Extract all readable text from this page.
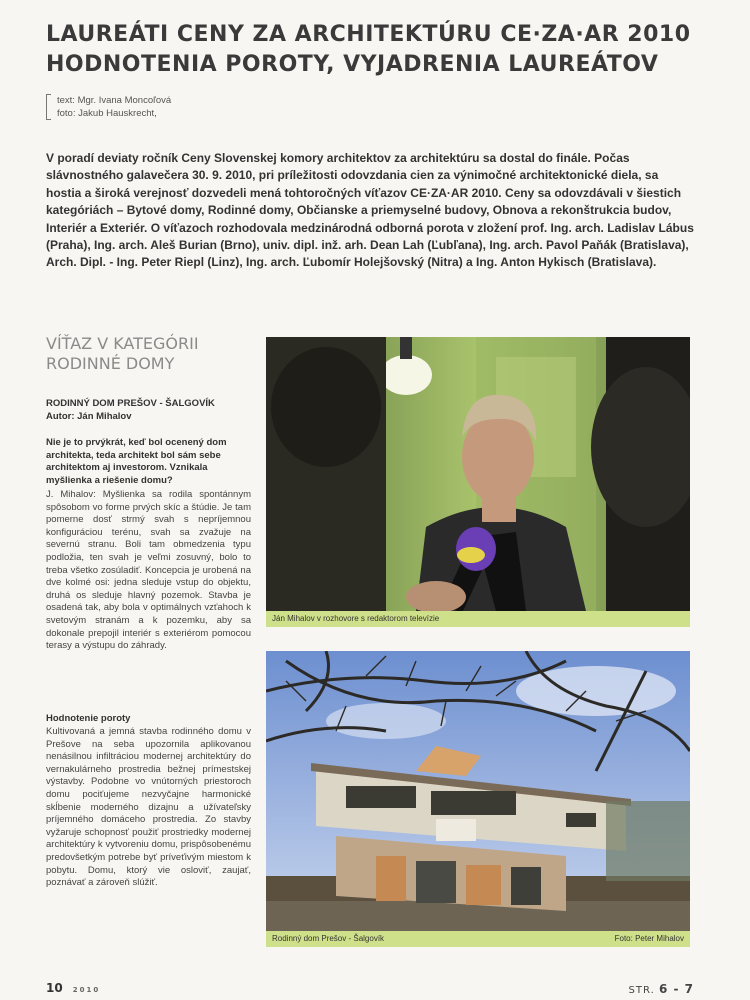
LAUREÁTI CENY ZA ARCHITEKTÚRU CE·ZA·AR 2010
HODNOTENIA POROTY, VYJADRENIA LAUREÁTOV
text: Mgr. Ivana Moncoľová
foto: Jakub Hauskrecht,

V poradí deviaty ročník Ceny Slovenskej komory architektov za architektúru sa dostal do finále. Počas slávnostného galavečera 30. 9. 2010, pri príležitosti odovzdania cien za výnimočné architektonické diela, sa hostia a široká verejnosť dozvedeli mená tohtoročných víťazov CE·ZA·AR 2010. Ceny sa odovzdávali v šiestich kategóriách – Bytové domy, Rodinné domy, Občianske a priemyselné budovy, Obnova a rekonštrukcia budov, Interiér a Exteriér. O víťazoch rozhodovala medzinárodná odborná porota v zložení prof. Ing. arch. Ladislav Lábus (Praha), Ing. arch. Aleš Burian (Brno), univ. dipl. inž. arh. Dean Lah (Ľubľana), Ing. arch. Pavol Paňák (Bratislava), Arch. Dipl. - Ing. Peter Riepl (Linz), Ing. arch. Ľubomír Holejšovský (Nitra) a Ing. Anton Hykisch (Bratislava).

VÍŤAZ V KATEGÓRII
RODINNÉ DOMY
RODINNÝ DOM PREŠOV - ŠALGOVÍK
Autor: Ján Mihalov

Nie je to prvýkrát, keď bol ocenený dom architekta, teda architekt bol sám sebe architektom aj investorom. Vznikala myšlienka a riešenie domu?

J. Mihalov: Myšlienka sa rodila spontánnym spôsobom vo forme prvých skíc a štúdie. Je tam pomerne dosť strmý svah s nepríjemnou konfiguráciou terénu, svah sa zvažuje na severnú stranu. Boli tam obmedzenia typu podložia, ten svah je veľmi zosuvný, bolo to treba všetko zosúladiť. Koncepcia je urobená na dve kolmé osi: jedna sleduje vstup do objektu, druhá os sleduje hlavný pozemok. Stavba je osadená tak, aby bola v optimálnych vzťahoch k svetovým stranám a k pozemku, aby sa dokonale prepojil interiér s exteriérom pomocou terasy a výstupu do záhrady.

Hodnotenie poroty

Kultivovaná a jemná stavba rodinného domu v Prešove na seba upozornila aplikovanou nenásilnou infiltráciou modernej architektúry do vernakulárneho prostredia bežnej prímestskej výstavby. Podobne vo vnútorných priestoroch domu pociťujeme nezvyčajne harmonické skĺbenie moderného dizajnu a užívateľsky príjemného domáceho prostredia. Zo stavby vyžaruje schopnosť použiť prostriedky modernej architektúry k vytvoreniu domu, prispôsobenému predovšetkým potrebe byť príveťivým miestom k pobytu. Domu, ktorý vie osloviť, zaujať, poznávať a zároveň slúžiť.

Ján Mihalov v rozhovore s redaktorom televízie
Rodinný dom Prešov - Šalgovík	Foto: Peter Mihalov
10 2010	STR. 6 - 7
